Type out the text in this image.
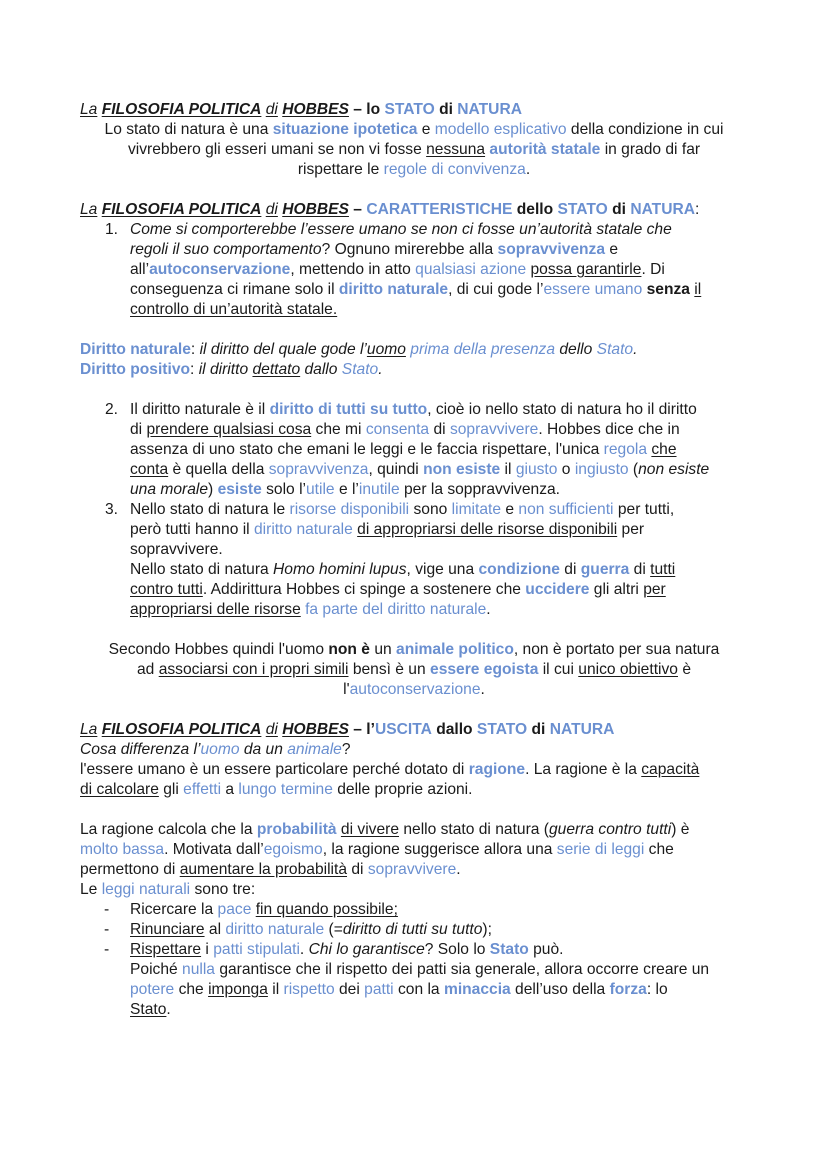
La FILOSOFIA POLITICA di HOBBES – lo STATO di NATURA
Lo stato di natura è una situazione ipotetica e modello esplicativo della condizione in cui
vivrebbero gli esseri umani se non vi fosse nessuna autorità statale in grado di far
rispettare le regole di convivenza.
La FILOSOFIA POLITICA di HOBBES – CARATTERISTICHE dello STATO di NATURA:
1. Come si comporterebbe l’essere umano se non ci fosse un’autorità statale che
regoli il suo comportamento? Ognuno mirerebbe alla sopravvivenza e
all’autoconservazione, mettendo in atto qualsiasi azione possa garantirle. Di
conseguenza ci rimane solo il diritto naturale, di cui gode l’essere umano senza il
controllo di un’autorità statale.
Diritto naturale: il diritto del quale gode l’uomo prima della presenza dello Stato.
Diritto positivo: il diritto dettato dallo Stato.
2. Il diritto naturale è il diritto di tutti su tutto, cioè io nello stato di natura ho il diritto
di prendere qualsiasi cosa che mi consenta di sopravvivere. Hobbes dice che in
assenza di uno stato che emani le leggi e le faccia rispettare, l'unica regola che
conta è quella della sopravvivenza, quindi non esiste il giusto o ingiusto (non esiste
una morale) esiste solo l’utile e l’inutile per la soppravvivenza.
3. Nello stato di natura le risorse disponibili sono limitate e non sufficienti per tutti,
però tutti hanno il diritto naturale di appropriarsi delle risorse disponibili per
sopravvivere.
Nello stato di natura Homo homini lupus, vige una condizione di guerra di tutti
contro tutti. Addirittura Hobbes ci spinge a sostenere che uccidere gli altri per
appropriarsi delle risorse fa parte del diritto naturale.
Secondo Hobbes quindi l'uomo non è un animale politico, non è portato per sua natura
ad associarsi con i propri simili bensì è un essere egoista il cui unico obiettivo è
l'autoconservazione.
La FILOSOFIA POLITICA di HOBBES – l’USCITA dallo STATO di NATURA
Cosa differenza l’uomo da un animale?
l'essere umano è un essere particolare perché dotato di ragione. La ragione è la capacità
di calcolare gli effetti a lungo termine delle proprie azioni.
La ragione calcola che la probabilità di vivere nello stato di natura (guerra contro tutti) è
molto bassa. Motivata dall’egoismo, la ragione suggerisce allora una serie di leggi che
permettono di aumentare la probabilità di sopravvivere.
Le leggi naturali sono tre:
- Ricercare la pace fin quando possibile;
- Rinunciare al diritto naturale (=diritto di tutti su tutto);
- Rispettare i patti stipulati. Chi lo garantisce? Solo lo Stato può.
Poiché nulla garantisce che il rispetto dei patti sia generale, allora occorre creare un
potere che imponga il rispetto dei patti con la minaccia dell’uso della forza: lo
Stato.
